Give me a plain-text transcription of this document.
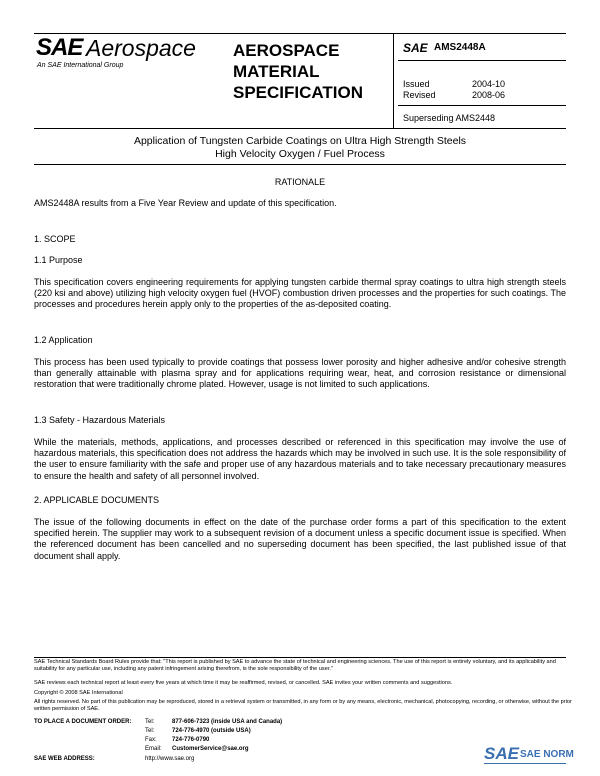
SAE Aerospace
An SAE International Group
AEROSPACE
MATERIAL
SPECIFICATION
SAE AMS2448A
Issued	2004-10
Revised	2008-06
Superseding AMS2448
Application of Tungsten Carbide Coatings on Ultra High Strength Steels
High Velocity Oxygen / Fuel Process
RATIONALE
AMS2448A results from a Five Year Review and update of this specification.
1. SCOPE
1.1 Purpose
This specification covers engineering requirements for applying tungsten carbide thermal spray coatings to ultra high strength steels (220 ksi and above) utilizing high velocity oxygen fuel (HVOF) combustion driven processes and the properties for such coatings. The processes and procedures herein apply only to the properties of the as-deposited coating.
1.2 Application
This process has been used typically to provide coatings that possess lower porosity and higher adhesive and/or cohesive strength than generally attainable with plasma spray and for applications requiring wear, heat, and corrosion resistance or dimensional restoration that were traditionally chrome plated. However, usage is not limited to such applications.
1.3 Safety - Hazardous Materials
While the materials, methods, applications, and processes described or referenced in this specification may involve the use of hazardous materials, this specification does not address the hazards which may be involved in such use. It is the sole responsibility of the user to ensure familiarity with the safe and proper use of any hazardous materials and to take necessary precautionary measures to ensure the health and safety of all personnel involved.
2. APPLICABLE DOCUMENTS
The issue of the following documents in effect on the date of the purchase order forms a part of this specification to the extent specified herein. The supplier may work to a subsequent revision of a document unless a specific document issue is specified. When the referenced document has been cancelled and no superseding document has been specified, the last published issue of that document shall apply.
SAE Technical Standards Board Rules provide that: "This report is published by SAE to advance the state of technical and engineering sciences. The use of this report is entirely voluntary, and its applicability and suitability for any particular use, including any patent infringement arising therefrom, is the sole responsibility of the user."
SAE reviews each technical report at least every five years at which time it may be reaffirmed, revised, or cancelled. SAE invites your written comments and suggestions.
Copyright © 2008 SAE International
All rights reserved. No part of this publication may be reproduced, stored in a retrieval system or transmitted, in any form or by any means, electronic, mechanical, photocopying, recording, or otherwise, without the prior written permission of SAE.
TO PLACE A DOCUMENT ORDER: Tel:	877-606-7323 (inside USA and Canada)
Tel:	724-776-4970 (outside USA)
Fax:	724-776-0790
Email: CustomerService@sae.org
SAE WEB ADDRESS:	http://www.sae.org	SAE SAE NORM
